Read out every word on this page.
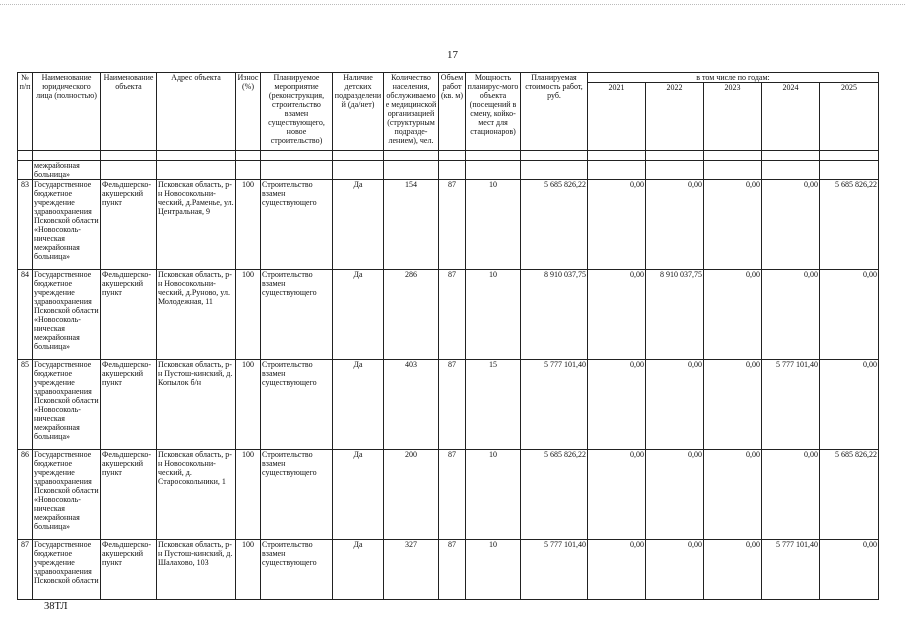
17
№ п/п	Наименование юридического лица (полностью)	Наименование объекта	Адрес объекта	Износ (%)	Планируемое мероприятие (реконструкция, строительство взамен существующего, новое строительство)	Наличие детских подразделений (да/нет)	Количество населения, обслуживаемое медицинской организацией (структурным подразде-лением), чел.	Объем работ (кв. м)	Мощность планирус-мого объекта (посещений в смену, койко-мест для стационаров)	Планируемая стоимость работ, руб.	в том числе по годам:				
											2021	2022	2023	2024	2025

	межрайонная больница»														
83	Государственное бюджетное учреждение здравоохранения Псковской области «Новосоколь-ническая межрайонная больница»	Фельдшерско-акушерский пункт	Псковская область, р-н Новосокольни-ческий, д.Раменье, ул. Центральная, 9	100	Строительство взамен существующего	Да	154	87	10	5 685 826,22	0,00	0,00	0,00	0,00	5 685 826,22
84	Государственное бюджетное учреждение здравоохранения Псковской области «Новосоколь-ническая межрайонная больница»	Фельдшерско-акушерский пункт	Псковская область, р-н Новосокольни-ческий, д.Руново, ул. Молодежная, 11	100	Строительство взамен существующего	Да	286	87	10	8 910 037,75	0,00	8 910 037,75	0,00	0,00	0,00
85	Государственное бюджетное учреждение здравоохранения Псковской области «Новосоколь-ническая межрайонная больница»	Фельдшерско-акушерский пункт	Псковская область, р-н Пустош-кинский, д. Копылок б/н	100	Строительство взамен существующего	Да	403	87	15	5 777 101,40	0,00	0,00	0,00	5 777 101,40	0,00
86	Государственное бюджетное учреждение здравоохранения Псковской области «Новосоколь-ническая межрайонная больница»	Фельдшерско-акушерский пункт	Псковская область, р-н Новосокольни-ческий, д. Старосокольники, 1	100	Строительство взамен существующего	Да	200	87	10	5 685 826,22	0,00	0,00	0,00	0,00	5 685 826,22
87	Государственное бюджетное учреждение здравоохранения Псковской области	Фельдшерско-акушерский пункт	Псковская область, р-н Пустош-кинский, д. Шалахово, 103	100	Строительство взамен существующего	Да	327	87	10	5 777 101,40	0,00	0,00	0,00	5 777 101,40	0,00
38ТЛ
